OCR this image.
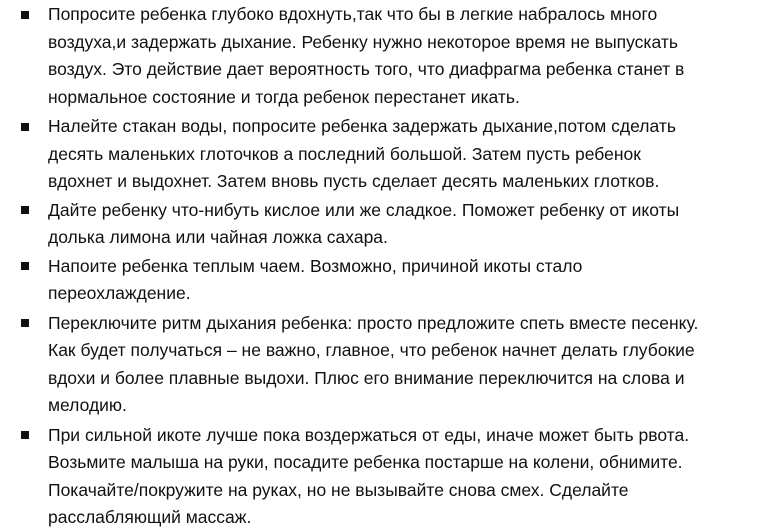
Попросите ребенка глубоко вдохнуть,так что бы в легкие набралось много
воздуха,и задержать дыхание. Ребенку нужно некоторое время не выпускать
воздух. Это действие дает вероятность того, что диафрагма ребенка станет в
нормальное состояние и тогда ребенок перестанет икать.
Налейте стакан воды, попросите ребенка задержать дыхание,потом сделать
десять маленьких глоточков а последний большой. Затем пусть ребенок
вдохнет и выдохнет. Затем вновь пусть сделает десять маленьких глотков.
Дайте ребенку что-нибуть кислое или же сладкое. Поможет ребенку от икоты
долька лимона или чайная ложка сахара.
Напоите ребенка теплым чаем. Возможно, причиной икоты стало
переохлаждение.
Переключите ритм дыхания ребенка: просто предложите спеть вместе песенку.
Как будет получаться – не важно, главное, что ребенок начнет делать глубокие
вдохи и более плавные выдохи. Плюс его внимание переключится на слова и
мелодию.
При сильной икоте лучше пока воздержаться от еды, иначе может быть рвота.
Возьмите малыша на руки, посадите ребенка постарше на колени, обнимите.
Покачайте/покружите на руках, но не вызывайте снова смех. Сделайте
расслабляющий массаж.
